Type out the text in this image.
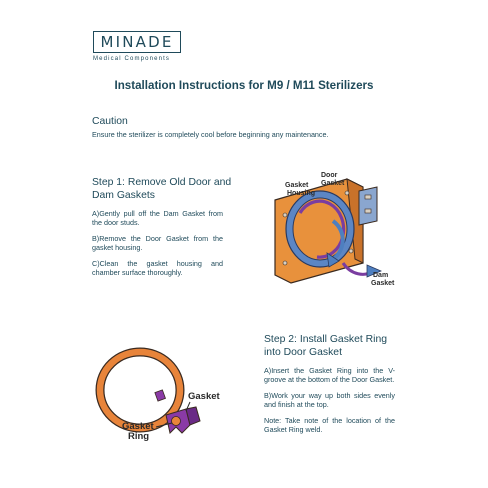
MINADE
Medical Components
Installation Instructions for M9 / M11 Sterilizers
Caution
Ensure the sterilizer is completely cool before beginning any maintenance.
Step 1: Remove Old Door and
Dam Gaskets

A)Gently pull off the Dam Gasket from the door studs.

B)Remove the Door Gasket from the gasket housing.

C)Clean the gasket housing and chamber surface thoroughly.

Gasket
Housing
Door
Gasket
Dam
Gasket
Gasket
Gasket
Ring
Step 2: Install Gasket Ring
into Door Gasket

A)Insert the Gasket Ring into the V-groove at the bottom of the Door Gasket.

B)Work your way up both sides evenly and finish at the top.

Note: Take note of the location of the Gasket Ring weld.
